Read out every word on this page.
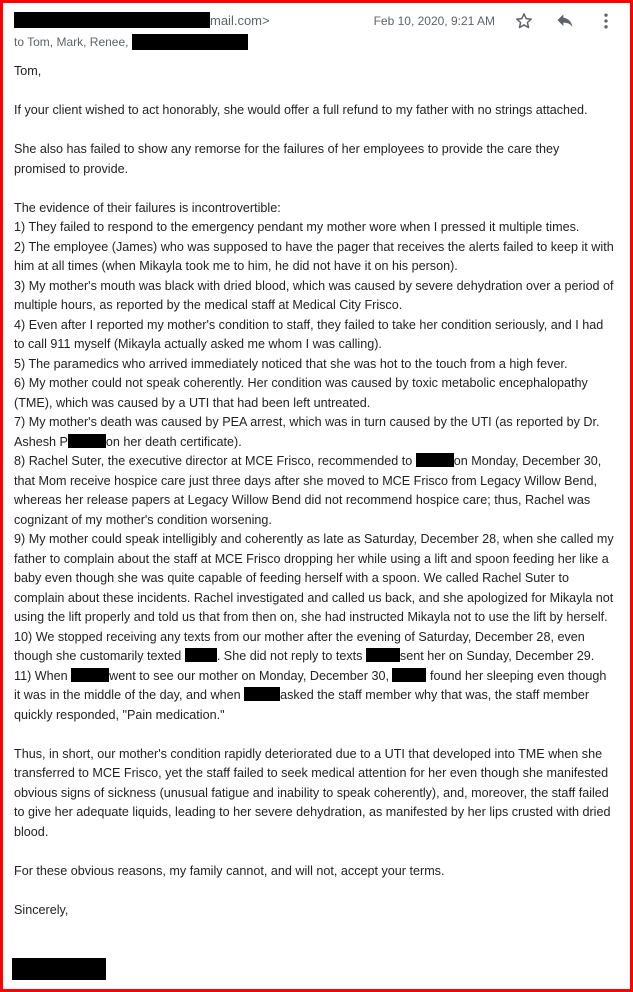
mail.com>
to Tom, Mark, Renee,
Feb 10, 2020, 9:21 AM

Tom,

If your client wished to act honorably, she would offer a full refund to my father with no strings attached.

She also has failed to show any remorse for the failures of her employees to provide the care they promised to provide.

The evidence of their failures is incontrovertible:

1) They failed to respond to the emergency pendant my mother wore when I pressed it multiple times.

2) The employee (James) who was supposed to have the pager that receives the alerts failed to keep it with him at all times (when Mikayla took me to him, he did not have it on his person).

3) My mother's mouth was black with dried blood, which was caused by severe dehydration over a period of multiple hours, as reported by the medical staff at Medical City Frisco.

4) Even after I reported my mother's condition to staff, they failed to take her condition seriously, and I had to call 911 myself (Mikayla actually asked me whom I was calling).

5) The paramedics who arrived immediately noticed that she was hot to the touch from a high fever.

6) My mother could not speak coherently. Her condition was caused by toxic metabolic encephalopathy (TME), which was caused by a UTI that had been left untreated.

7) My mother's death was caused by PEA arrest, which was in turn caused by the UTI (as reported by Dr. Ashesh P	on her death certificate).

8) Rachel Suter, the executive director at MCE Frisco, recommended to	on Monday, December 30, that Mom receive hospice care just three days after she moved to MCE Frisco from Legacy Willow Bend, whereas her release papers at Legacy Willow Bend did not recommend hospice care; thus, Rachel was cognizant of my mother's condition worsening.

9) My mother could speak intelligibly and coherently as late as Saturday, December 28, when she called my father to complain about the staff at MCE Frisco dropping her while using a lift and spoon feeding her like a baby even though she was quite capable of feeding herself with a spoon. We called Rachel Suter to complain about these incidents. Rachel investigated and called us back, and she apologized for Mikayla not using the lift properly and told us that from then on, she had instructed Mikayla not to use the lift by herself.

10) We stopped receiving any texts from our mother after the evening of Saturday, December 28, even though she customarily texted	. She did not reply to texts	sent her on Sunday, December 29.

11) When	went to see our mother on Monday, December 30,	found her sleeping even though it was in the middle of the day, and when	asked the staff member why that was, the staff member quickly responded, "Pain medication."

Thus, in short, our mother's condition rapidly deteriorated due to a UTI that developed into TME when she transferred to MCE Frisco, yet the staff failed to seek medical attention for her even though she manifested obvious signs of sickness (unusual fatigue and inability to speak coherently), and, moreover, the staff failed to give her adequate liquids, leading to her severe dehydration, as manifested by her lips crusted with dried blood.

For these obvious reasons, my family cannot, and will not, accept your terms.

Sincerely,
